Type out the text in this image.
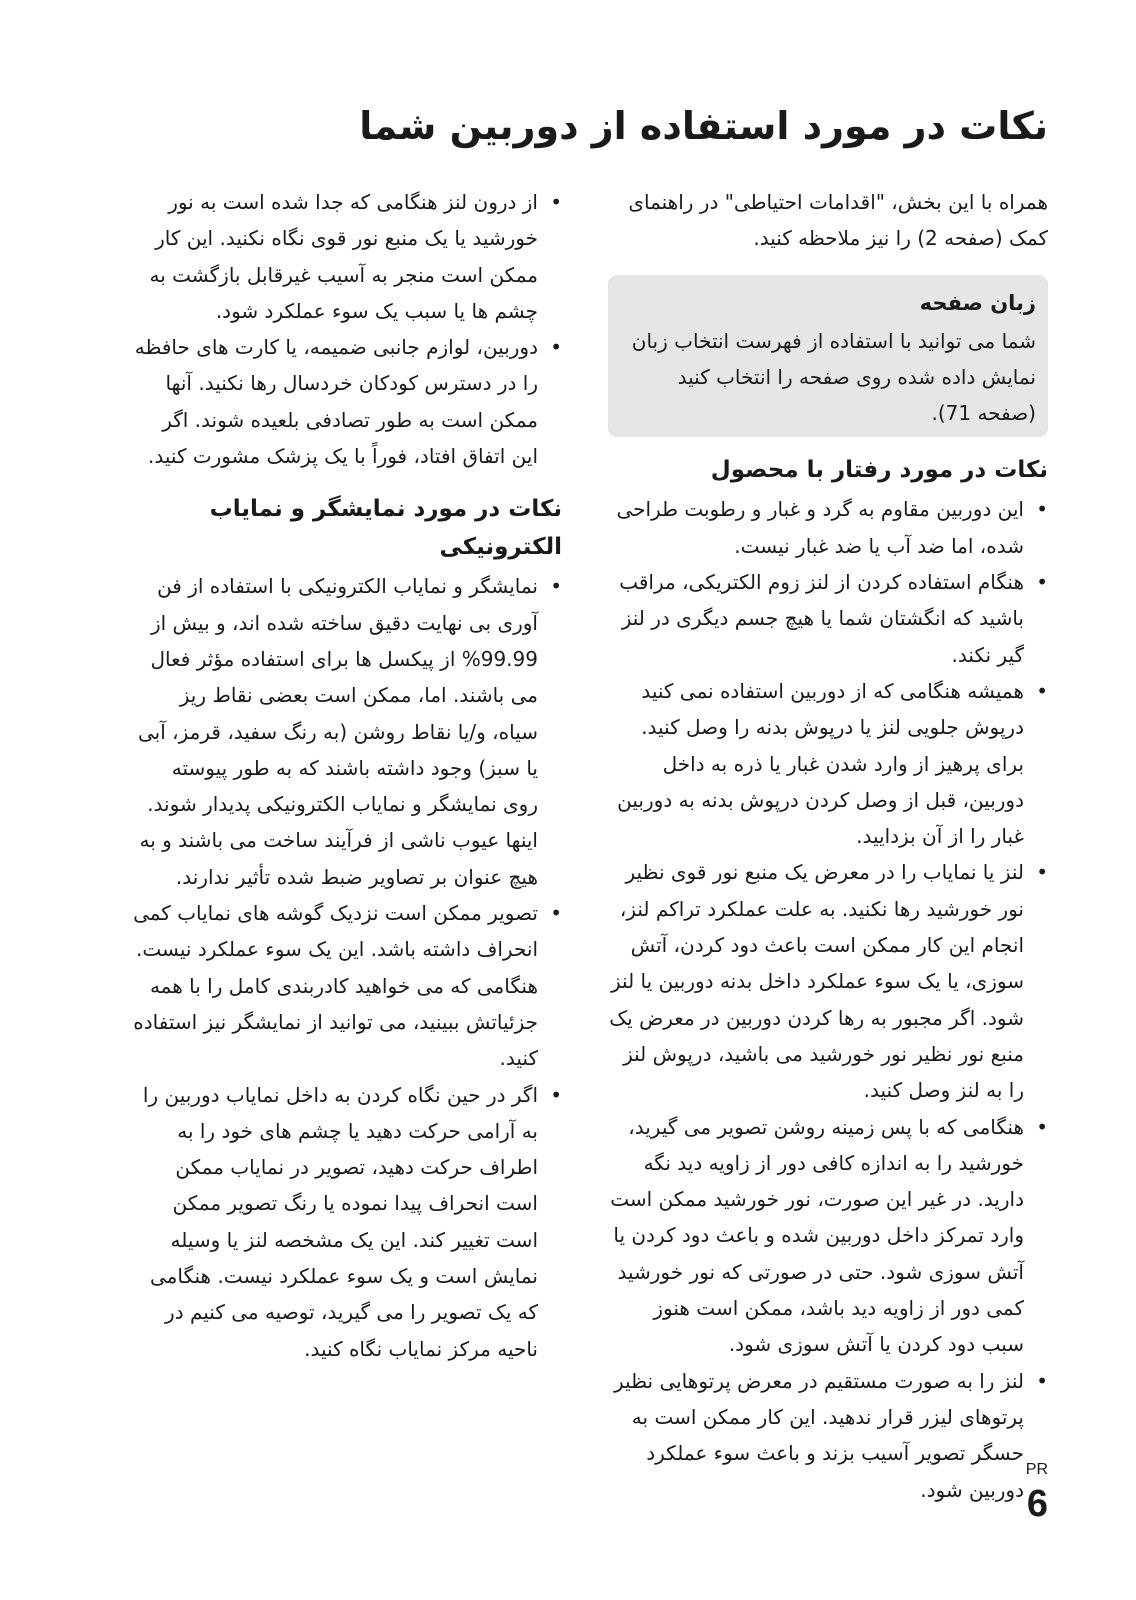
نکات در مورد استفاده از دوربین شما

همراه با این بخش، "اقدامات احتیاطی" در راهنمای کمک (صفحه 2) را نیز ملاحظه کنید.

زبان صفحه

شما می توانید با استفاده از فهرست انتخاب زبان نمایش داده شده روی صفحه را انتخاب کنید (صفحه 71).

نکات در مورد رفتار با محصول
• این دوربین مقاوم به گرد و غبار و رطوبت طراحی شده، اما ضد آب یا ضد غبار نیست.
• هنگام استفاده کردن از لنز زوم الکتریکی، مراقب باشید که انگشتان شما یا هیچ جسم دیگری در لنز گیر نکند.
• همیشه هنگامی که از دوربین استفاده نمی کنید درپوش جلویی لنز یا درپوش بدنه را وصل کنید. برای پرهیز از وارد شدن غبار یا ذره به داخل دوربین، قبل از وصل کردن درپوش بدنه به دوربین غبار را از آن بزدایید.
• لنز یا نمایاب را در معرض یک منبع نور قوی نظیر نور خورشید رها نکنید. به علت عملکرد تراکم لنز، انجام این کار ممکن است باعث دود کردن، آتش سوزی، یا یک سوء عملکرد داخل بدنه دوربین یا لنز شود. اگر مجبور به رها کردن دوربین در معرض یک منبع نور نظیر نور خورشید می باشید، درپوش لنز را به لنز وصل کنید.
• هنگامی که با پس زمینه روشن تصویر می گیرید، خورشید را به اندازه کافی دور از زاویه دید نگه دارید. در غیر این صورت، نور خورشید ممکن است وارد تمرکز داخل دوربین شده و باعث دود کردن یا آتش سوزی شود. حتی در صورتی که نور خورشید کمی دور از زاویه دید باشد، ممکن است هنوز سبب دود کردن یا آتش سوزی شود.
• لنز را به صورت مستقیم در معرض پرتوهایی نظیر پرتوهای لیزر قرار ندهید. این کار ممکن است به حسگر تصویر آسیب بزند و باعث سوء عملکرد دوربین شود.
• از درون لنز هنگامی که جدا شده است به نور خورشید یا یک منبع نور قوی نگاه نکنید. این کار ممکن است منجر به آسیب غیرقابل بازگشت به چشم ها یا سبب یک سوء عملکرد شود.
• دوربین، لوازم جانبی ضمیمه، یا کارت های حافظه را در دسترس کودکان خردسال رها نکنید. آنها ممکن است به طور تصادفی بلعیده شوند. اگر این اتفاق افتاد، فوراً با یک پزشک مشورت کنید.
نکات در مورد نمایشگر و نمایاب الکترونیکی
• نمایشگر و نمایاب الکترونیکی با استفاده از فن آوری بی نهایت دقیق ساخته شده اند، و بیش از 99.99% از پیکسل ها برای استفاده مؤثر فعال می باشند. اما، ممکن است بعضی نقاط ریز سیاه، و/یا نقاط روشن (به رنگ سفید، قرمز، آبی یا سبز) وجود داشته باشند که به طور پیوسته روی نمایشگر و نمایاب الکترونیکی پدیدار شوند. اینها عیوب ناشی از فرآیند ساخت می باشند و به هیچ عنوان بر تصاویر ضبط شده تأثیر ندارند.
• تصویر ممکن است نزدیک گوشه های نمایاب کمی انحراف داشته باشد. این یک سوء عملکرد نیست. هنگامی که می خواهید کادربندی کامل را با همه جزئیاتش ببینید، می توانید از نمایشگر نیز استفاده کنید.
• اگر در حین نگاه کردن به داخل نمایاب دوربین را به آرامی حرکت دهید یا چشم های خود را به اطراف حرکت دهید، تصویر در نمایاب ممکن است انحراف پیدا نموده یا رنگ تصویر ممکن است تغییر کند. این یک مشخصه لنز یا وسیله نمایش است و یک سوء عملکرد نیست. هنگامی که یک تصویر را می گیرید، توصیه می کنیم در ناحیه مرکز نمایاب نگاه کنید.
PR
6
